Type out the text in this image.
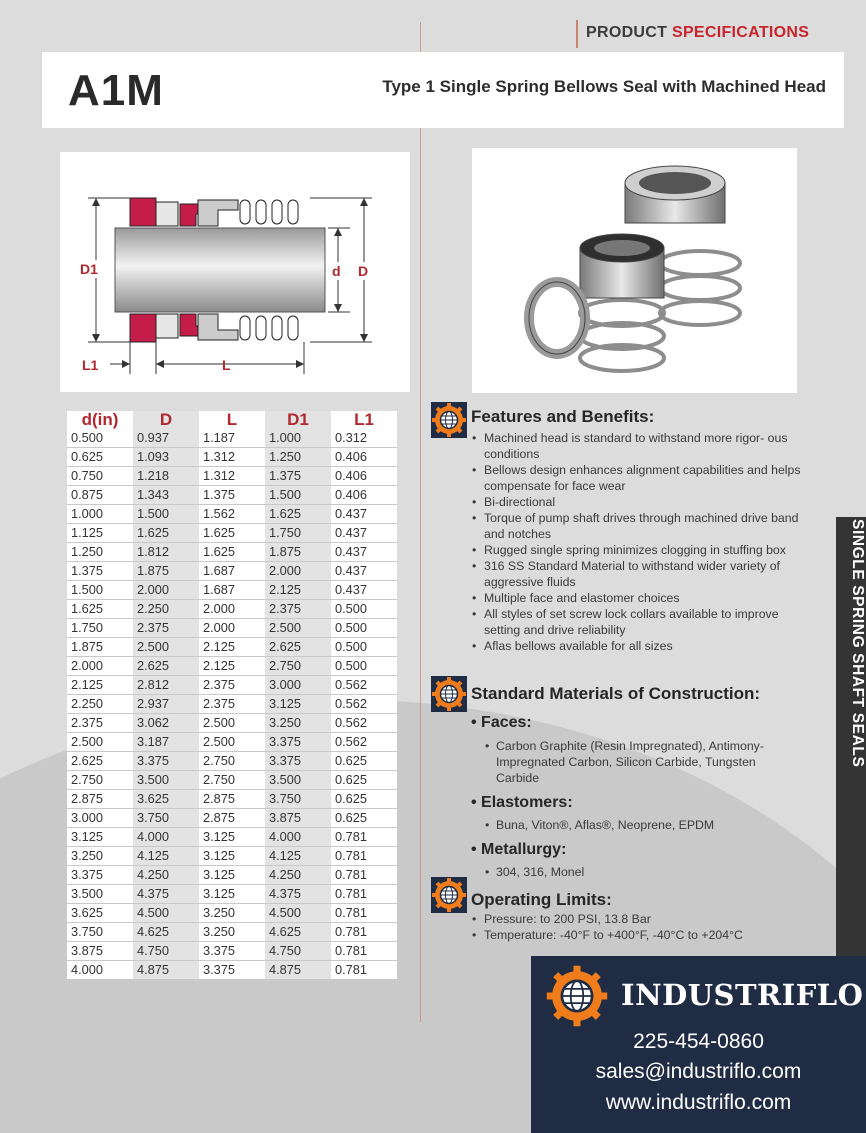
PRODUCT SPECIFICATIONS
A1M	Type 1 Single Spring Bellows Seal with Machined Head
D1	d D
L1	L
d(in)	D	L	D1	L1
0.500	0.937	1.187	1.000	0.312
0.625	1.093	1.312	1.250	0.406
0.750	1.218	1.312	1.375	0.406
0.875	1.343	1.375	1.500	0.406
1.000	1.500	1.562	1.625	0.437
1.125	1.625	1.625	1.750	0.437
1.250	1.812	1.625	1.875	0.437
1.375	1.875	1.687	2.000	0.437
1.500	2.000	1.687	2.125	0.437
1.625	2.250	2.000	2.375	0.500
1.750	2.375	2.000	2.500	0.500
1.875	2.500	2.125	2.625	0.500
2.000	2.625	2.125	2.750	0.500
2.125	2.812	2.375	3.000	0.562
2.250	2.937	2.375	3.125	0.562
2.375	3.062	2.500	3.250	0.562
2.500	3.187	2.500	3.375	0.562
2.625	3.375	2.750	3.375	0.625
2.750	3.500	2.750	3.500	0.625
2.875	3.625	2.875	3.750	0.625
3.000	3.750	2.875	3.875	0.625
3.125	4.000	3.125	4.000	0.781
3.250	4.125	3.125	4.125	0.781
3.375	4.250	3.125	4.250	0.781
3.500	4.375	3.125	4.375	0.781
3.625	4.500	3.250	4.500	0.781
3.750	4.625	3.250	4.625	0.781
3.875	4.750	3.375	4.750	0.781
4.000	4.875	3.375	4.875	0.781
Features and Benefits:
• Machined head is standard to withstand more rigor- ous conditions
• Bellows design enhances alignment capabilities and helps compensate for face wear
• Bi-directional
• Torque of pump shaft drives through machined drive band and notches
• Rugged single spring minimizes clogging in stuffing box
• 316 SS Standard Material to withstand wider variety of aggressive fluids
• Multiple face and elastomer choices
• All styles of set screw lock collars available to improve setting and drive reliability
• Aflas bellows available for all sizes
Standard Materials of Construction:
• Faces:
• Carbon Graphite (Resin Impregnated), Antimony-Impregnated Carbon, Silicon Carbide, Tungsten Carbide
• Elastomers:
• Buna, Viton®, Aflas®, Neoprene, EPDM
• Metallurgy:
• 304, 316, Monel
Operating Limits:
• Pressure: to 200 PSI, 13.8 Bar
• Temperature: -40°F to +400°F, -40°C to +204°C
SINGLE SPRING SHAFT SEALS
INDUSTRIFLO
225-454-0860
sales@industriflo.com
www.industriflo.com
